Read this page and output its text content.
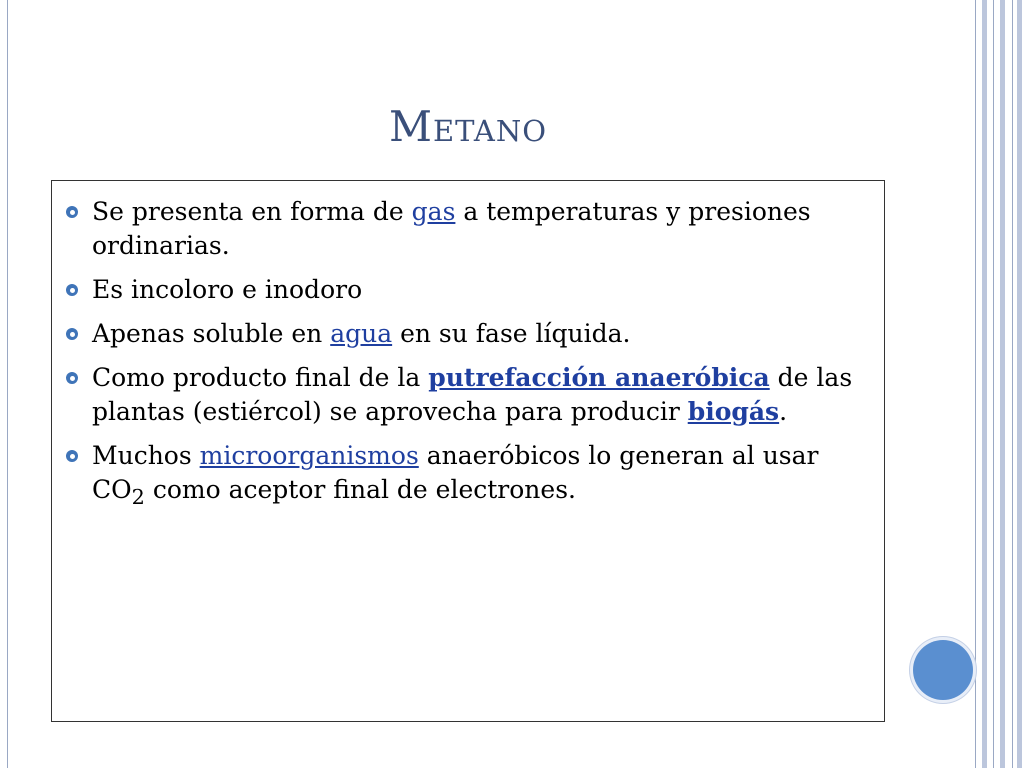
Metano
Se presenta en forma de gas a temperaturas y presiones ordinarias.
Es incoloro e inodoro
Apenas soluble en agua en su fase líquida.
Como producto final de la putrefacción anaeróbica de las plantas (estiércol) se aprovecha para producir biogás.
Muchos microorganismos anaeróbicos lo generan al usar $CO_2$ como aceptor final de electrones.
